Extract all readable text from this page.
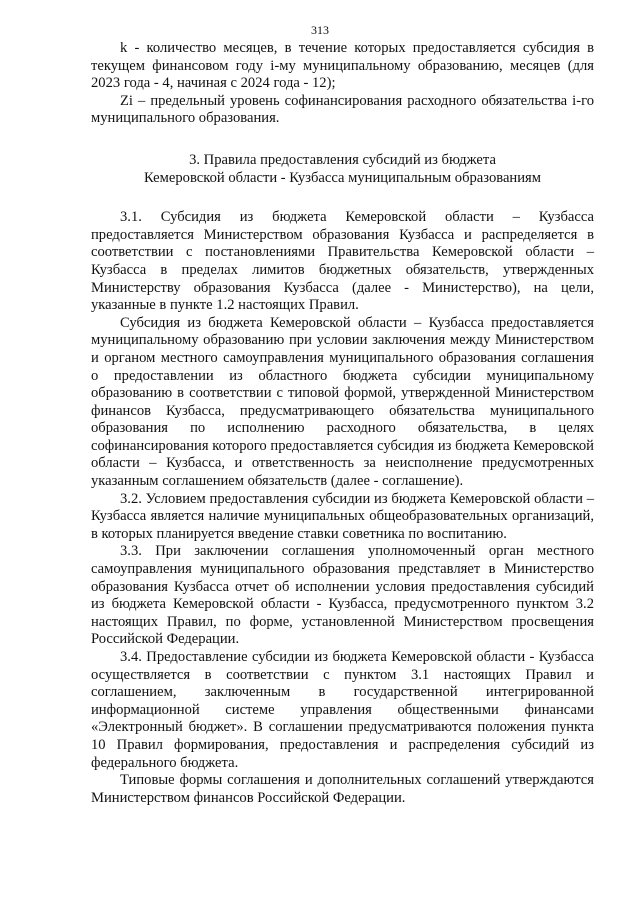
313

k - количество месяцев, в течение которых предоставляется субсидия в текущем финансовом году i-му муниципальному образованию, месяцев (для 2023 года - 4, начиная с 2024 года - 12);

Zi – предельный уровень софинансирования расходного обязательства i-го муниципального образования.

3. Правила предоставления субсидий из бюджета
Кемеровской области - Кузбасса муниципальным образованиям

3.1. Субсидия из бюджета Кемеровской области – Кузбасса предоставляется Министерством образования Кузбасса и распределяется в соответствии с постановлениями Правительства Кемеровской области – Кузбасса в пределах лимитов бюджетных обязательств, утвержденных Министерству образования Кузбасса (далее - Министерство), на цели, указанные в пункте 1.2 настоящих Правил.

Субсидия из бюджета Кемеровской области – Кузбасса предоставляется муниципальному образованию при условии заключения между Министерством и органом местного самоуправления муниципального образования соглашения о предоставлении из областного бюджета субсидии муниципальному образованию в соответствии с типовой формой, утвержденной Министерством финансов Кузбасса, предусматривающего обязательства муниципального образования по исполнению расходного обязательства, в целях софинансирования которого предоставляется субсидия из бюджета Кемеровской области – Кузбасса, и ответственность за неисполнение предусмотренных указанным соглашением обязательств (далее - соглашение).

3.2. Условием предоставления субсидии из бюджета Кемеровской области – Кузбасса является наличие муниципальных общеобразовательных организаций, в которых планируется введение ставки советника по воспитанию.

3.3. При заключении соглашения уполномоченный орган местного самоуправления муниципального образования представляет в Министерство образования Кузбасса отчет об исполнении условия предоставления субсидий из бюджета Кемеровской области - Кузбасса, предусмотренного пунктом 3.2 настоящих Правил, по форме, установленной Министерством просвещения Российской Федерации.

3.4. Предоставление субсидии из бюджета Кемеровской области - Кузбасса осуществляется в соответствии с пунктом 3.1 настоящих Правил и соглашением, заключенным в государственной интегрированной информационной системе управления общественными финансами «Электронный бюджет». В соглашении предусматриваются положения пункта 10 Правил формирования, предоставления и распределения субсидий из федерального бюджета.

Типовые формы соглашения и дополнительных соглашений утверждаются Министерством финансов Российской Федерации.
